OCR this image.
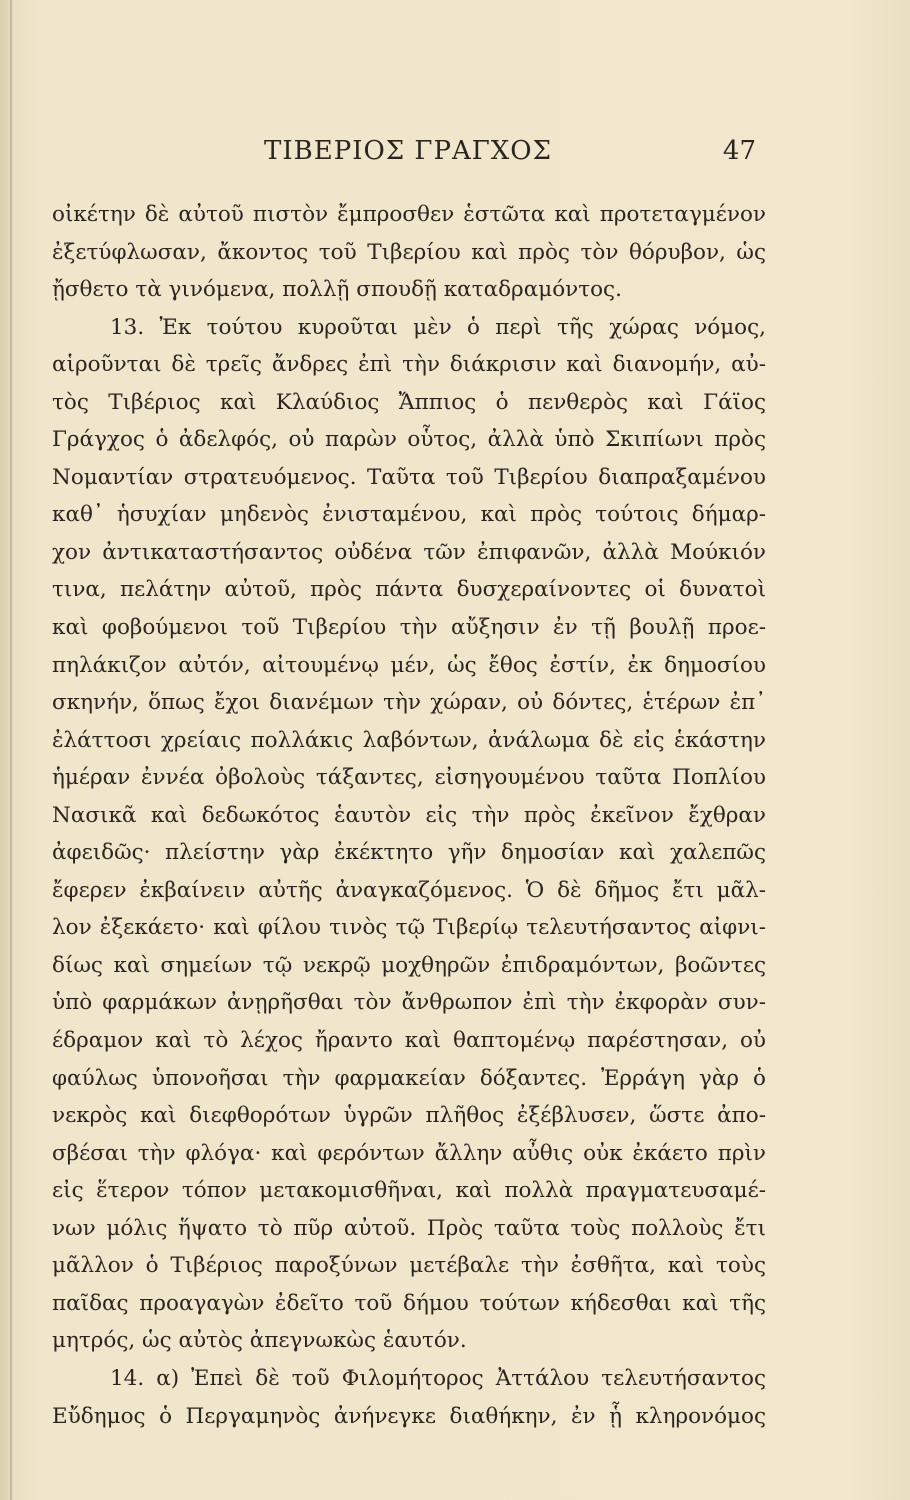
ΤΙΒΕΡΙΟΣ ΓΡΑΓΧΟΣ	47
οἰκέτην δὲ αὐτοῦ πιστὸν ἔμπροσθεν ἑστῶτα καὶ προτεταγμένον
ἐξετύφλωσαν, ἄκοντος τοῦ Τιβερίου καὶ πρὸς τὸν θόρυβον, ὡς
ᾔσθετο τὰ γινόμενα, πολλῇ σπουδῇ καταδραμόντος.
13. Ἐκ τούτου κυροῦται μὲν ὁ περὶ τῆς χώρας νόμος,
αἱροῦνται δὲ τρεῖς ἄνδρες ἐπὶ τὴν διάκρισιν καὶ διανομήν, αὐ-
τὸς Τιβέριος καὶ Κλαύδιος Ἄππιος ὁ πενθερὸς καὶ Γάϊος
Γράγχος ὁ ἀδελφός, οὐ παρὼν οὗτος, ἀλλὰ ὑπὸ Σκιπίωνι πρὸς
Νομαντίαν στρατευόμενος. Ταῦτα τοῦ Τιβερίου διαπραξαμένου
καθ᾽ ἡσυχίαν μηδενὸς ἐνισταμένου, καὶ πρὸς τούτοις δήμαρ-
χον ἀντικαταστήσαντος οὐδένα τῶν ἐπιφανῶν, ἀλλὰ Μούκιόν
τινα, πελάτην αὐτοῦ, πρὸς πάντα δυσχεραίνοντες οἱ δυνατοὶ
καὶ φοβούμενοι τοῦ Τιβερίου τὴν αὔξησιν ἐν τῇ βουλῇ προε-
πηλάκιζον αὐτόν, αἰτουμένῳ μέν, ὡς ἔθος ἐστίν, ἐκ δημοσίου
σκηνήν, ὅπως ἔχοι διανέμων τὴν χώραν, οὐ δόντες, ἑτέρων ἐπ᾽
ἐλάττοσι χρείαις πολλάκις λαβόντων, ἀνάλωμα δὲ εἰς ἑκάστην
ἡμέραν ἐννέα ὀβολοὺς τάξαντες, εἰσηγουμένου ταῦτα Ποπλίου
Νασικᾶ καὶ δεδωκότος ἑαυτὸν εἰς τὴν πρὸς ἐκεῖνον ἔχθραν
ἀφειδῶς· πλείστην γὰρ ἐκέκτητο γῆν δημοσίαν καὶ χαλεπῶς
ἔφερεν ἐκβαίνειν αὐτῆς ἀναγκαζόμενος. Ὁ δὲ δῆμος ἔτι μᾶλ-
λον ἐξεκάετο· καὶ φίλου τινὸς τῷ Τιβερίῳ τελευτήσαντος αἰφνι-
δίως καὶ σημείων τῷ νεκρῷ μοχθηρῶν ἐπιδραμόντων, βοῶντες
ὑπὸ φαρμάκων ἀνῃρῆσθαι τὸν ἄνθρωπον ἐπὶ τὴν ἐκφορὰν συν-
έδραμον καὶ τὸ λέχος ἤραντο καὶ θαπτομένῳ παρέστησαν, οὐ
φαύλως ὑπονοῆσαι τὴν φαρμακείαν δόξαντες. Ἐρράγη γὰρ ὁ
νεκρὸς καὶ διεφθορότων ὑγρῶν πλῆθος ἐξέβλυσεν, ὥστε ἀπο-
σβέσαι τὴν φλόγα· καὶ φερόντων ἄλλην αὖθις οὐκ ἐκάετο πρὶν
εἰς ἕτερον τόπον μετακομισθῆναι, καὶ πολλὰ πραγματευσαμέ-
νων μόλις ἥψατο τὸ πῦρ αὐτοῦ. Πρὸς ταῦτα τοὺς πολλοὺς ἔτι
μᾶλλον ὁ Τιβέριος παροξύνων μετέβαλε τὴν ἐσθῆτα, καὶ τοὺς
παῖδας προαγαγὼν ἐδεῖτο τοῦ δήμου τούτων κήδεσθαι καὶ τῆς
μητρός, ὡς αὐτὸς ἀπεγνωκὼς ἑαυτόν.
14. α) Ἐπεὶ δὲ τοῦ Φιλομήτορος Ἀττάλου τελευτήσαντος
Εὔδημος ὁ Περγαμηνὸς ἀνήνεγκε διαθήκην, ἐν ᾗ κληρονόμος
